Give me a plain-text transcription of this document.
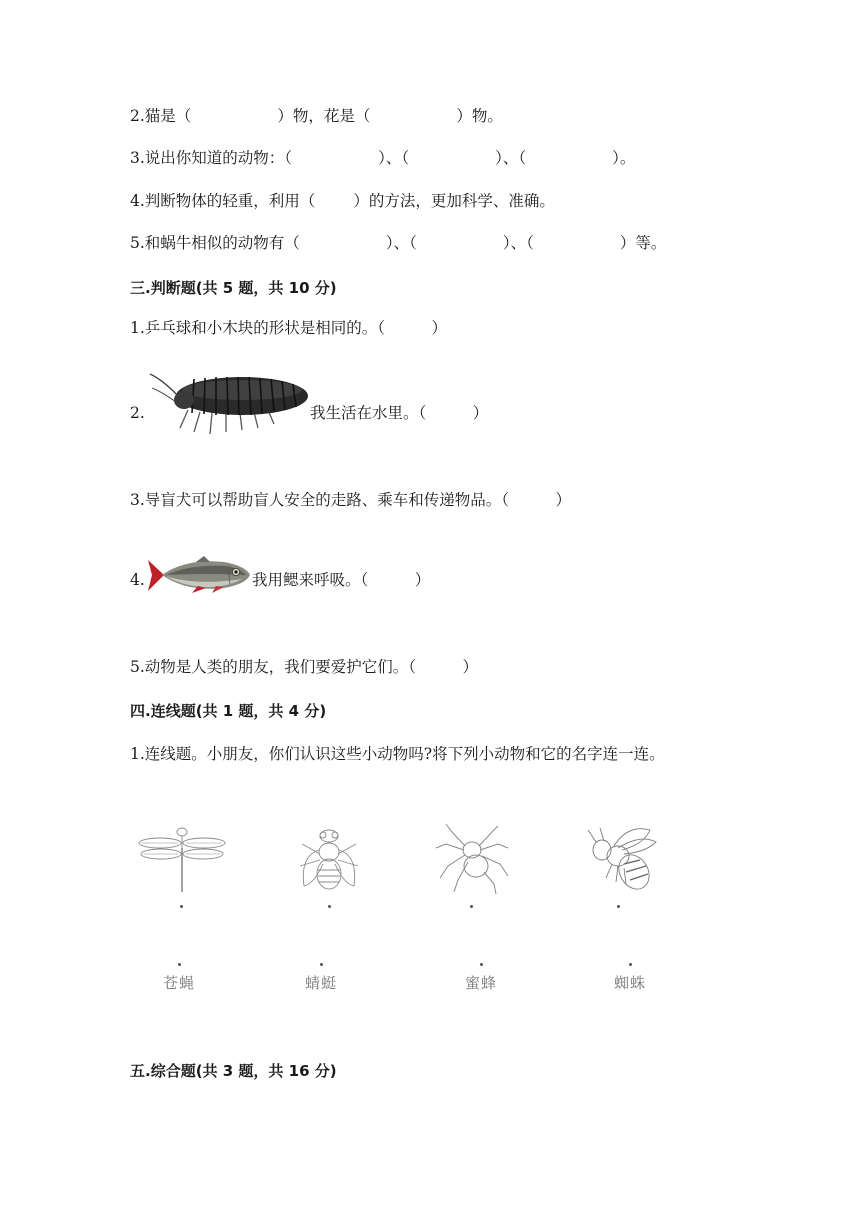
2.猫是（	）物，花是（	）物。
3.说出你知道的动物：（	）、（	）、（	）。
4.判断物体的轻重，利用（ ）的方法，更加科学、准确。
5.和蜗牛相似的动物有（	）、（	）、（	）等。
三.判断题(共 5 题，共 10 分)
1.乒乓球和小木块的形状是相同的。（　　　）
2.	我生活在水里。（　　　）
3.导盲犬可以帮助盲人安全的走路、乘车和传递物品。（　　　）
4.	我用鳃来呼吸。（　　　）
5.动物是人类的朋友，我们要爱护它们。（　　　）
四.连线题(共 1 题，共 4 分)
1.连线题。小朋友，你们认识这些小动物吗?将下列小动物和它的名字连一连。
苍蝇	蜻蜓	蜜蜂	蜘蛛
五.综合题(共 3 题，共 16 分)
